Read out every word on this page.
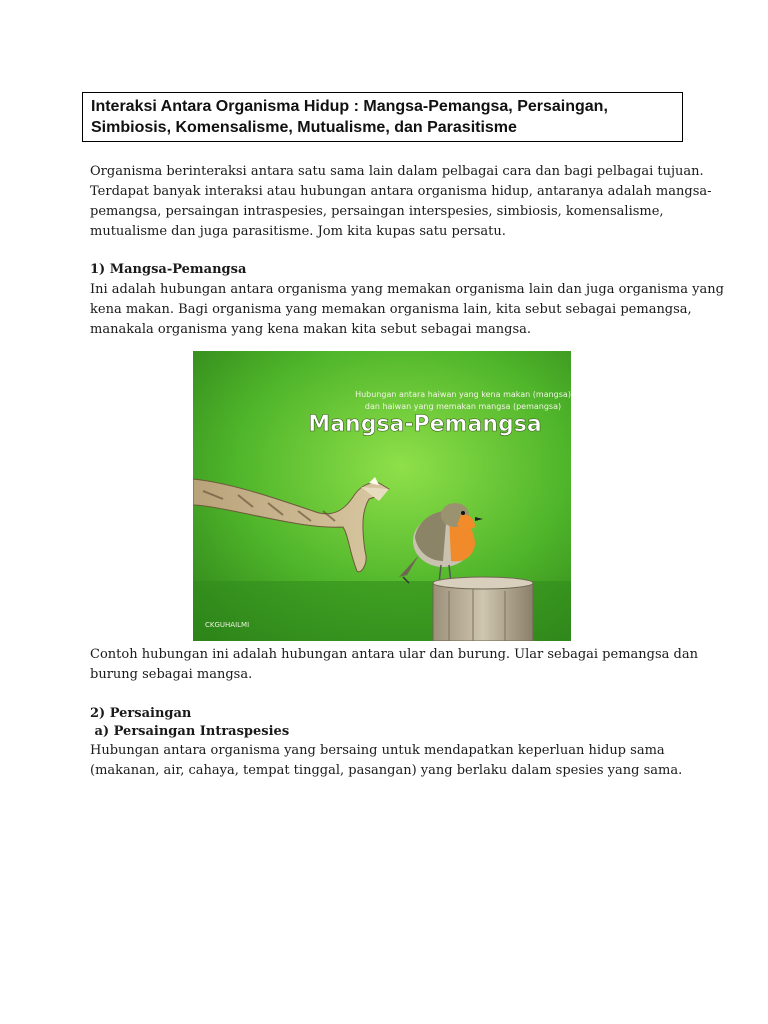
Interaksi Antara Organisma Hidup : Mangsa-Pemangsa, Persaingan,
Simbiosis, Komensalisme, Mutualisme, dan Parasitisme
Organisma berinteraksi antara satu sama lain dalam pelbagai cara dan bagi pelbagai tujuan.
Terdapat banyak interaksi atau hubungan antara organisma hidup, antaranya adalah mangsa-
pemangsa, persaingan intraspesies, persaingan interspesies, simbiosis, komensalisme,
mutualisme dan juga parasitisme. Jom kita kupas satu persatu.
1) Mangsa-Pemangsa
Ini adalah hubungan antara organisma yang memakan organisma lain dan juga organisma yang
kena makan. Bagi organisma yang memakan organisma lain, kita sebut sebagai pemangsa,
manakala organisma yang kena makan kita sebut sebagai mangsa.
Hubungan antara haiwan yang kena makan (mangsa)
dan haiwan yang memakan mangsa (pemangsa)
Mangsa-Pemangsa
CKGUHAILMI
Contoh hubungan ini adalah hubungan antara ular dan burung. Ular sebagai pemangsa dan
burung sebagai mangsa.
2) Persaingan
a) Persaingan Intraspesies
Hubungan antara organisma yang bersaing untuk mendapatkan keperluan hidup sama
(makanan, air, cahaya, tempat tinggal, pasangan) yang berlaku dalam spesies yang sama.
